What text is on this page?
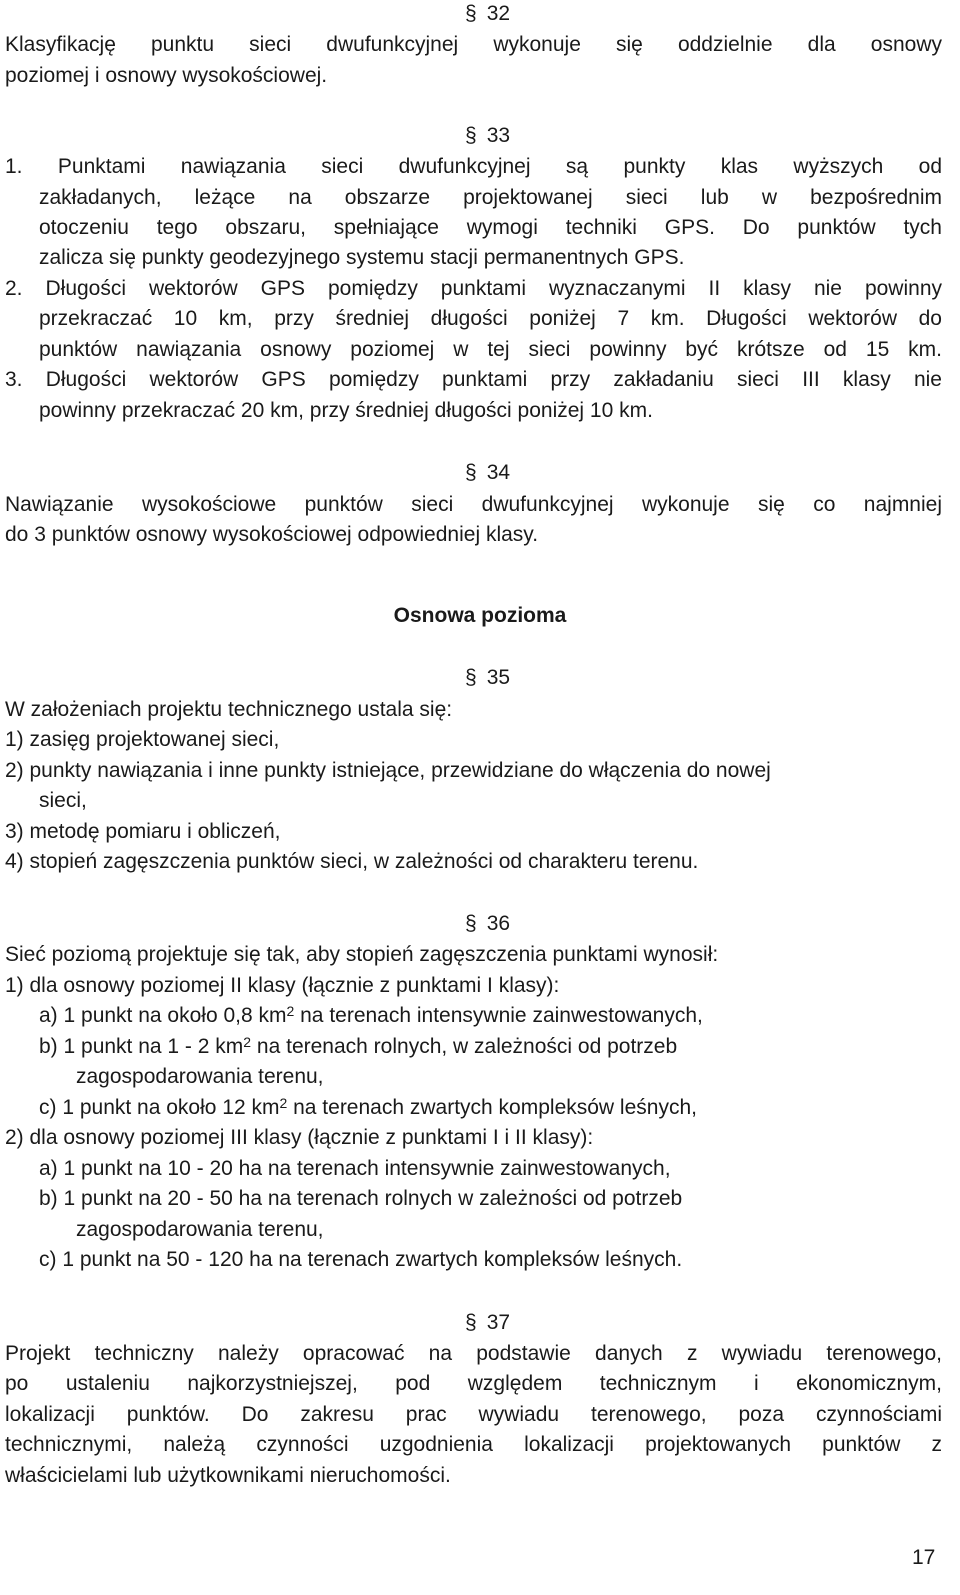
§ 32
Klasyfikację punktu sieci dwufunkcyjnej wykonuje się oddzielnie dla osnowy
poziomej i osnowy wysokościowej.
§ 33
1. Punktami nawiązania sieci dwufunkcyjnej są punkty klas wyższych od
zakładanych, leżące na obszarze projektowanej sieci lub w bezpośrednim
otoczeniu tego obszaru, spełniające wymogi techniki GPS. Do punktów tych
zalicza się punkty geodezyjnego systemu stacji permanentnych GPS.
2. Długości wektorów GPS pomiędzy punktami wyznaczanymi II klasy nie powinny
przekraczać 10 km, przy średniej długości poniżej 7 km. Długości wektorów do
punktów nawiązania osnowy poziomej w tej sieci powinny być krótsze od 15 km.
3. Długości wektorów GPS pomiędzy punktami przy zakładaniu sieci III klasy nie
powinny przekraczać 20 km, przy średniej długości poniżej 10 km.
§ 34
Nawiązanie wysokościowe punktów sieci dwufunkcyjnej wykonuje się co najmniej
do 3 punktów osnowy wysokościowej odpowiedniej klasy.
Osnowa pozioma
§ 35
W założeniach projektu technicznego ustala się:
1) zasięg projektowanej sieci,
2) punkty nawiązania i inne punkty istniejące, przewidziane do włączenia do nowej
sieci,
3) metodę pomiaru i obliczeń,
4) stopień zagęszczenia punktów sieci, w zależności od charakteru terenu.
§ 36
Sieć poziomą projektuje się tak, aby stopień zagęszczenia punktami wynosił:
1) dla osnowy poziomej II klasy (łącznie z punktami I klasy):
a) 1 punkt na około 0,8 $km^2$ na terenach intensywnie zainwestowanych,
b) 1 punkt na 1 - 2 $km^2$ na terenach rolnych, w zależności od potrzeb
zagospodarowania terenu,
c) 1 punkt na około 12 $km^2$ na terenach zwartych kompleksów leśnych,
2) dla osnowy poziomej III klasy (łącznie z punktami I i II klasy):
a) 1 punkt na 10 - 20 ha na terenach intensywnie zainwestowanych,
b) 1 punkt na 20 - 50 ha na terenach rolnych w zależności od potrzeb
zagospodarowania terenu,
c) 1 punkt na 50 - 120 ha na terenach zwartych kompleksów leśnych.
§ 37
Projekt techniczny należy opracować na podstawie danych z wywiadu terenowego,
po ustaleniu najkorzystniejszej, pod względem technicznym i ekonomicznym,
lokalizacji punktów. Do zakresu prac wywiadu terenowego, poza czynnościami
technicznymi, należą czynności uzgodnienia lokalizacji projektowanych punktów z
właścicielami lub użytkownikami nieruchomości.
17
